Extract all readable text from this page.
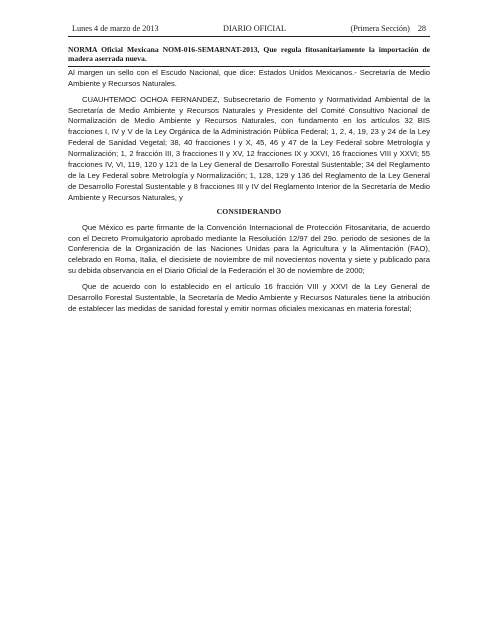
Lunes 4 de marzo de 2013	DIARIO OFICIAL	(Primera Sección) 28
NORMA Oficial Mexicana NOM-016-SEMARNAT-2013, Que regula fitosanitariamente la importación de madera aserrada nueva.

Al margen un sello con el Escudo Nacional, que dice: Estados Unidos Mexicanos.- Secretaría de Medio Ambiente y Recursos Naturales.

CUAUHTEMOC OCHOA FERNANDEZ, Subsecretario de Fomento y Normatividad Ambiental de la Secretaría de Medio Ambiente y Recursos Naturales y Presidente del Comité Consultivo Nacional de Normalización de Medio Ambiente y Recursos Naturales, con fundamento en los artículos 32 BIS fracciones I, IV y V de la Ley Orgánica de la Administración Pública Federal; 1, 2, 4, 19, 23 y 24 de la Ley Federal de Sanidad Vegetal; 38, 40 fracciones I y X, 45, 46 y 47 de la Ley Federal sobre Metrología y Normalización; 1, 2 fracción III, 3 fracciones II y XV, 12 fracciones IX y XXVI, 16 fracciones VIII y XXVI; 55 fracciones IV, VI, 119, 120 y 121 de la Ley General de Desarrollo Forestal Sustentable; 34 del Reglamento de la Ley Federal sobre Metrología y Normalización; 1, 128, 129 y 136 del Reglamento de la Ley General de Desarrollo Forestal Sustentable y 8 fracciones III y IV del Reglamento Interior de la Secretaría de Medio Ambiente y Recursos Naturales, y

CONSIDERANDO

Que México es parte firmante de la Convención Internacional de Protección Fitosanitaria, de acuerdo con el Decreto Promulgatorio aprobado mediante la Resolución 12/97 del 29o. periodo de sesiones de la Conferencia de la Organización de las Naciones Unidas para la Agricultura y la Alimentación (FAO), celebrado en Roma, Italia, el diecisiete de noviembre de mil novecientos noventa y siete y publicado para su debida observancia en el Diario Oficial de la Federación el 30 de noviembre de 2000;

Que de acuerdo con lo establecido en el artículo 16 fracción VIII y XXVI de la Ley General de Desarrollo Forestal Sustentable, la Secretaría de Medio Ambiente y Recursos Naturales tiene la atribución de establecer las medidas de sanidad forestal y emitir normas oficiales mexicanas en materia forestal;
